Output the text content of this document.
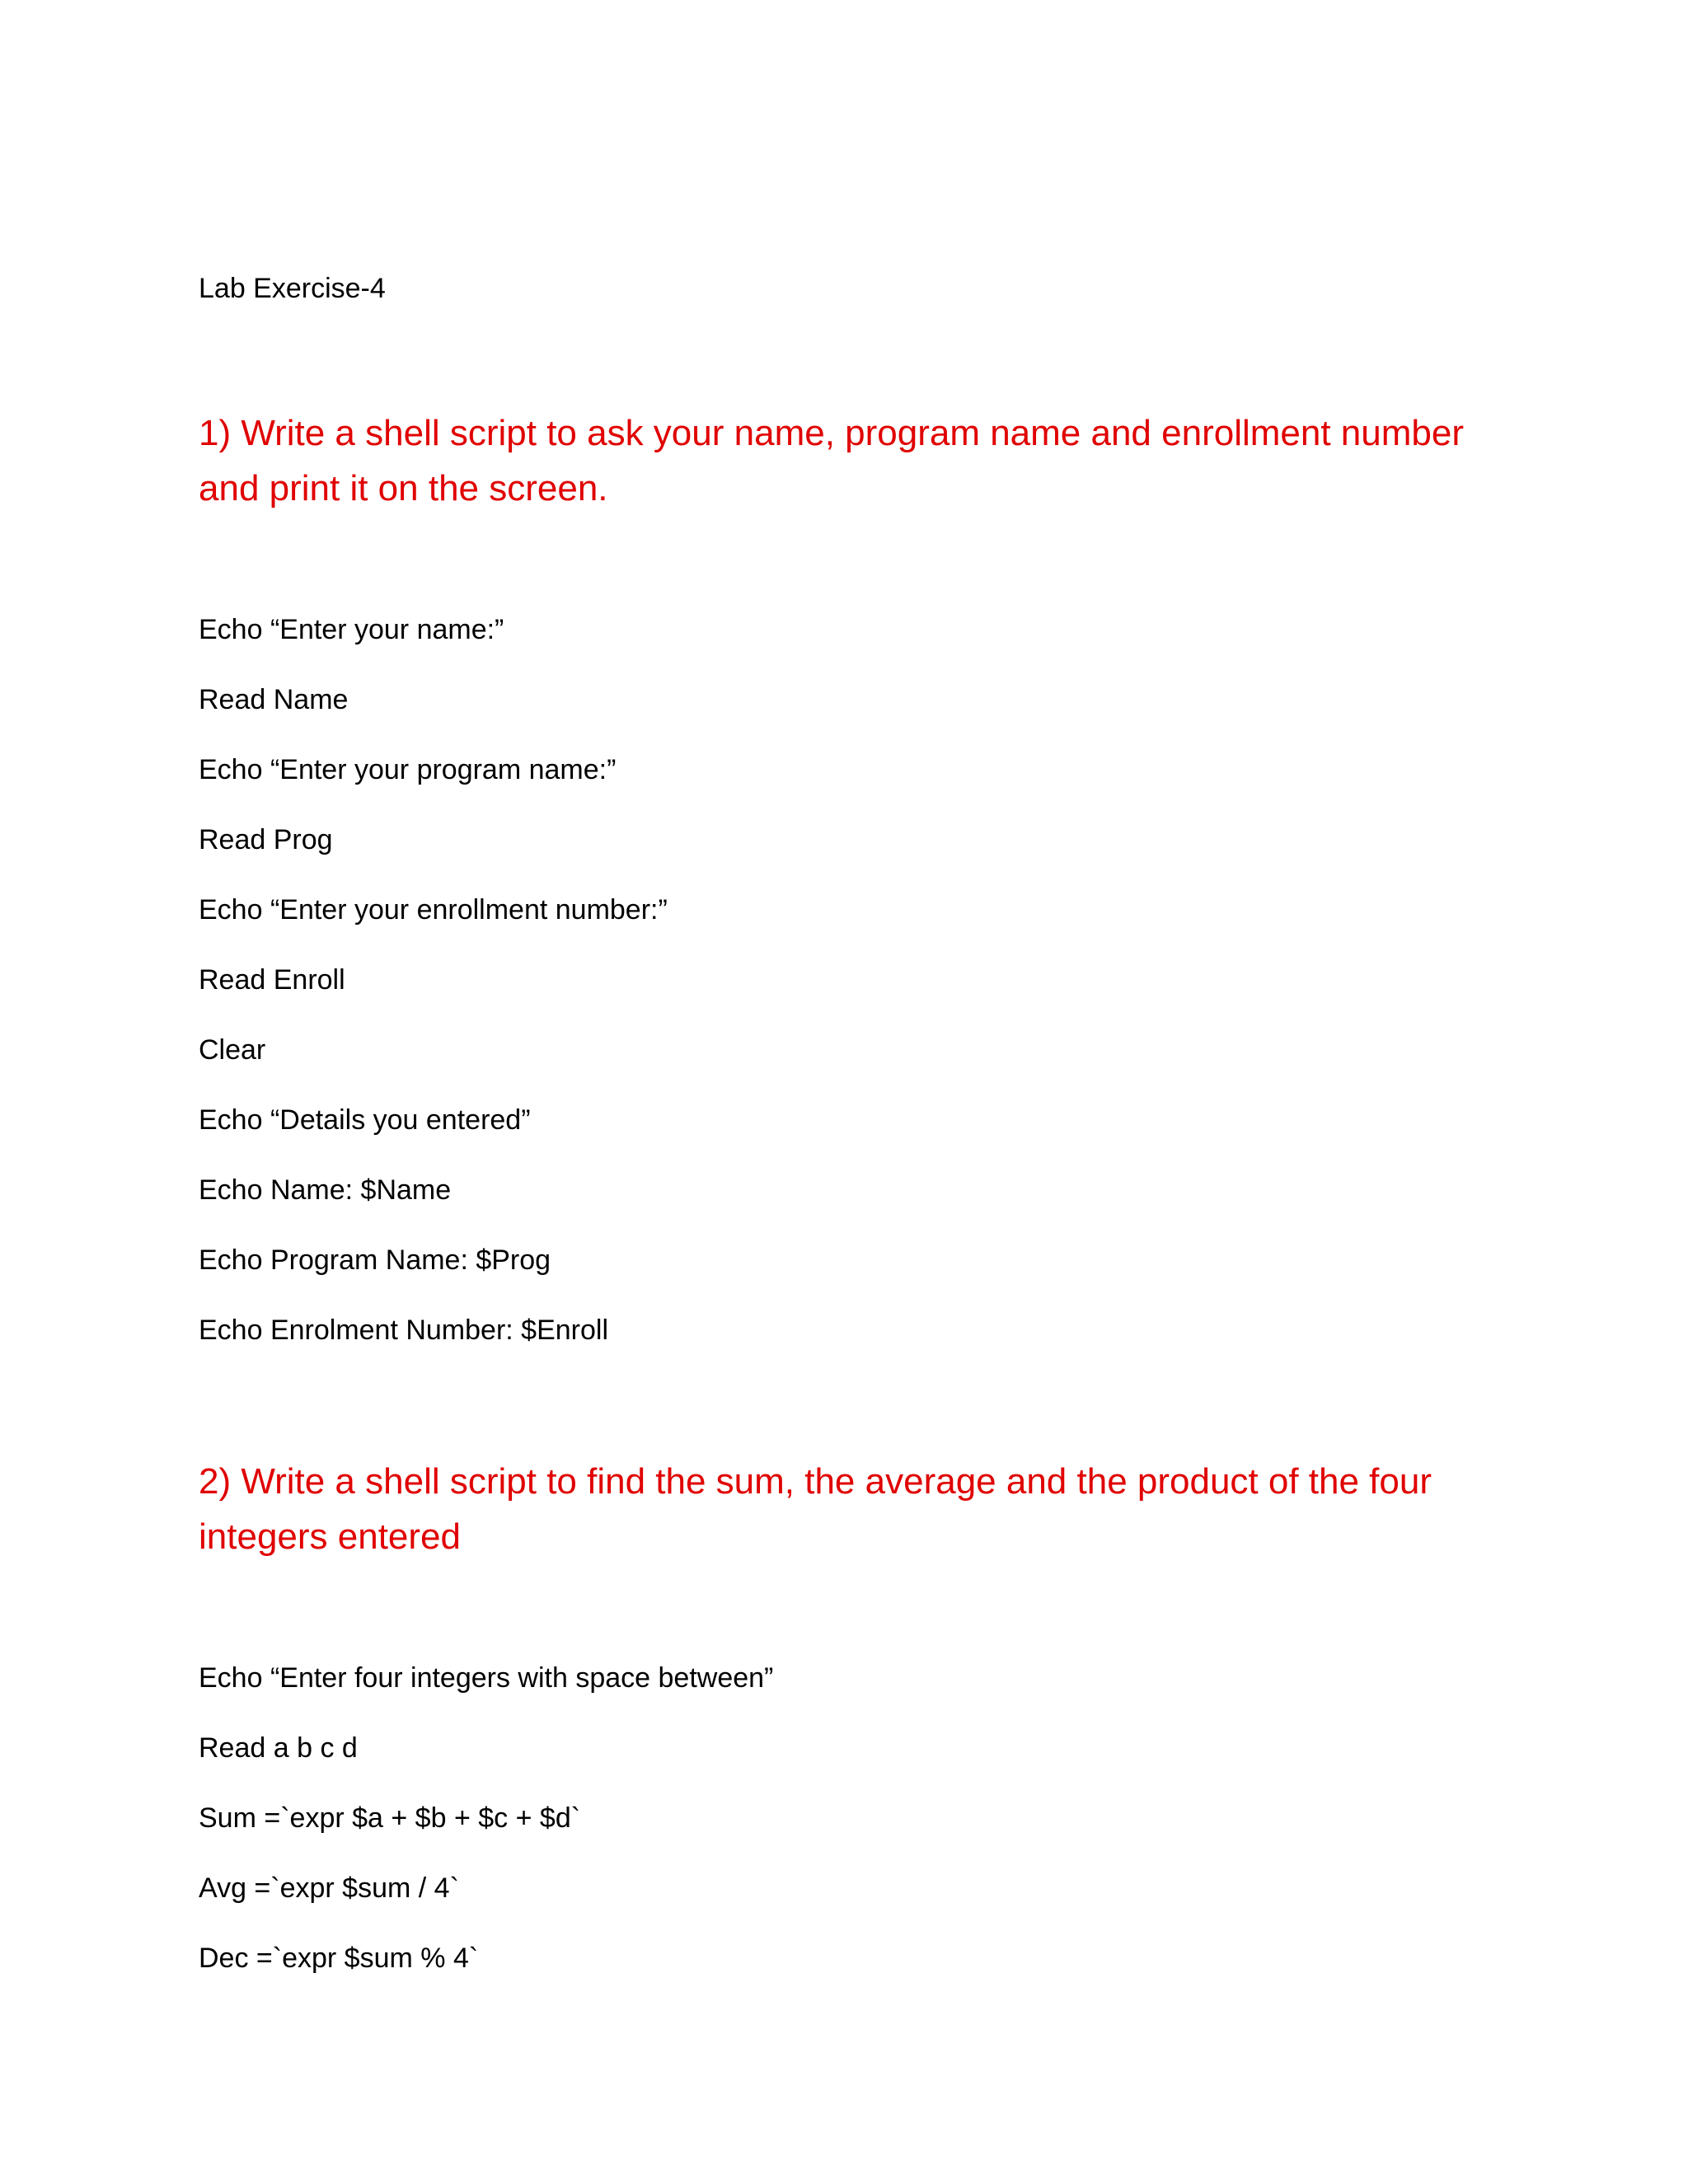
Lab Exercise-4
1) Write a shell script to ask your name, program name and enrollment number
and print it on the screen.
Echo “Enter your name:”
Read Name
Echo “Enter your program name:”
Read Prog
Echo “Enter your enrollment number:”
Read Enroll
Clear
Echo “Details you entered”
Echo Name: $Name
Echo Program Name: $Prog
Echo Enrolment Number: $Enroll
2) Write a shell script to find the sum, the average and the product of the four
integers entered
Echo “Enter four integers with space between”
Read a b c d
Sum =`expr $a + $b + $c + $d`
Avg =`expr $sum / 4`
Dec =`expr $sum % 4`
